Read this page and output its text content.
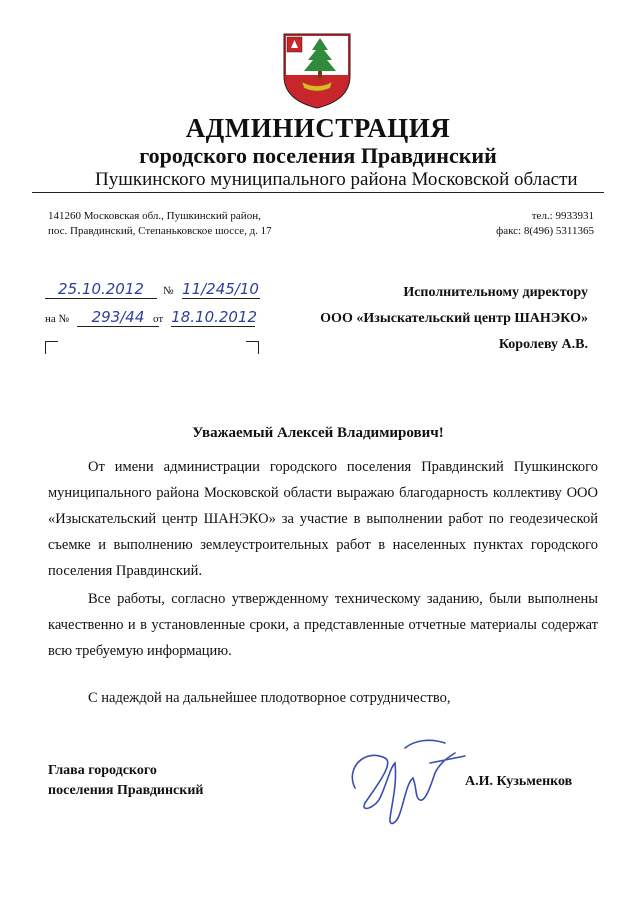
АДМИНИСТРАЦИЯ
городского поселения Правдинский
Пушкинского муниципального района Московской области
141260 Московская обл., Пушкинский район,
пос. Правдинский, Степаньковское шоссе, д. 17
тел.: 9933931
факс: 8(496) 5311365
25.10.2012	№ 11/245/10
на № 293/44 от 18.10.2012
Исполнительному директору
ООО «Изыскательский центр ШАНЭКО»
Королеву А.В.
Уважаемый Алексей Владимирович!
От имени администрации городского поселения Правдинский Пушкинского муниципального района Московской области выражаю благодарность коллективу ООО «Изыскательский центр ШАНЭКО» за участие в выполнении работ по геодезической съемке и выполнению землеустроительных работ в населенных пунктах городского поселения Правдинский.
Все работы, согласно утвержденному техническому заданию, были выполнены качественно и в установленные сроки, а представленные отчетные материалы содержат всю требуемую информацию.
С надеждой на дальнейшее плодотворное сотрудничество,
Глава городского
поселения Правдинский
А.И. Кузьменков
